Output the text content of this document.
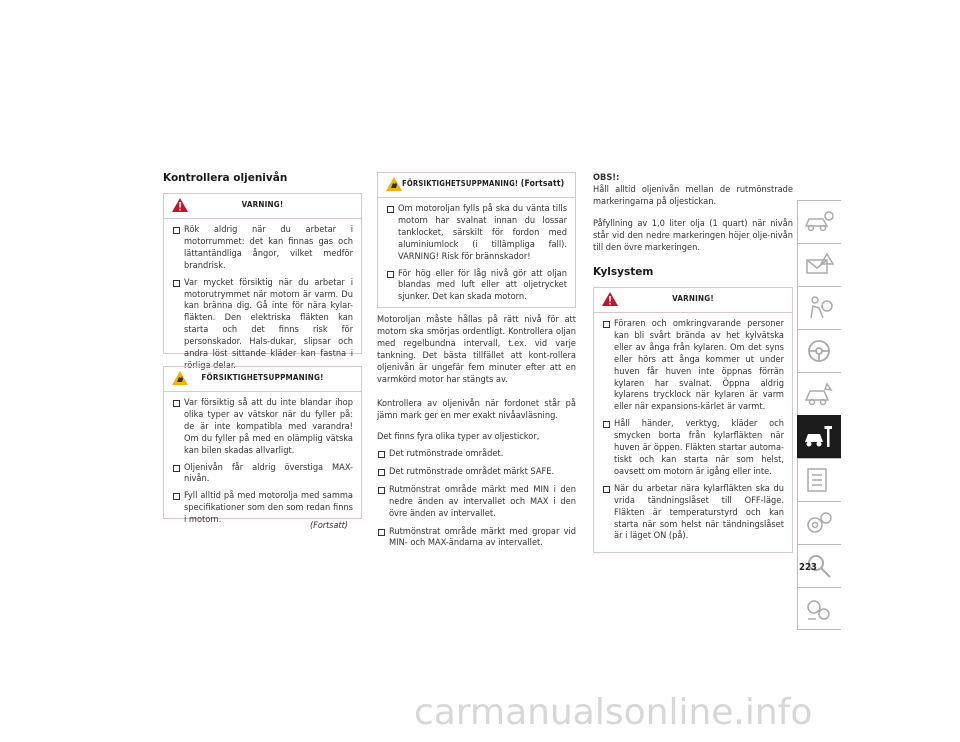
Kontrollera oljenivån
VARNING!
Rök aldrig när du arbetar i motorrummet: det kan finnas gas och lättantändliga ångor, vilket medför brandrisk.
Var mycket försiktig när du arbetar i motorutrymmet när motorn är varm. Du kan bränna dig. Gå inte för nära kylar-fläkten. Den elektriska fläkten kan starta och det finns risk för personskador. Hals-dukar, slipsar och andra löst sittande kläder kan fastna i rörliga delar.
FÖRSIKTIGHETSUPPMANING!
Var försiktig så att du inte blandar ihop olika typer av vätskor när du fyller på: de är inte kompatibla med varandra! Om du fyller på med en olämplig vätska kan bilen skadas allvarligt.
Oljenivån får aldrig överstiga MAX-nivån.
Fyll alltid på med motorolja med samma specifikationer som den som redan finns i motorn.
(Fortsatt)
FÖRSIKTIGHETSUPPMANING! (Fortsatt)
Om motoroljan fylls på ska du vänta tills motorn har svalnat innan du lossar tanklocket, särskilt för fordon med aluminiumlock (i tillämpliga fall). VARNING! Risk för brännskador!
För hög eller för låg nivå gör att oljan blandas med luft eller att oljetrycket sjunker. Det kan skada motorn.
Motoroljan måste hållas på rätt nivå för att motorn ska smörjas ordentligt. Kontrollera oljan med regelbundna intervall, t.ex. vid varje tankning. Det bästa tillfället att kont-rollera oljenivån är ungefär fem minuter efter att en varmkörd motor har stängts av.
Kontrollerа av oljenivån när fordonet står på jämn mark ger en mer exakt nivåavläsning.
Det finns fyra olika typer av oljestickor,
Det rutmönstrade området.
Det rutmönstrade området märkt SAFE.
Rutmönstrat område märkt med MIN i den nedre änden av intervallet och MAX i den övre änden av intervallet.
Rutmönstrat område märkt med gropar vid MIN- och MAX-ändarna av intervallet.
OBS!:
Håll alltid oljenivån mellan de rutmönstrade markeringarna på oljestickan.
Påfyllning av 1,0 liter olja (1 quart) när nivån står vid den nedre markeringen höjer olje-nivån till den övre markeringen.
Kylsystem
VARNING!
Föraren och omkringvarande personer kan bli svårt brända av het kylvätska eller av ånga från kylaren. Om det syns eller hörs att ånga kommer ut under huven får huven inte öppnas förrän kylaren har svalnat. Öppna aldrig kylarens trycklock när kylaren är varm eller när expansions-kärlet är varmt.
Håll händer, verktyg, kläder och smycken borta från kylarfläkten när huven är öppen. Fläkten startar automa-tiskt och kan starta när som helst, oavsett om motorn är igång eller inte.
När du arbetar nära kylarfläkten ska du vrida tändningslåset till OFF-läge. Fläkten är temperaturstyrd och kan starta när som helst när tändningslåset är i läget ON (på).
223
carmanualsonline.info
